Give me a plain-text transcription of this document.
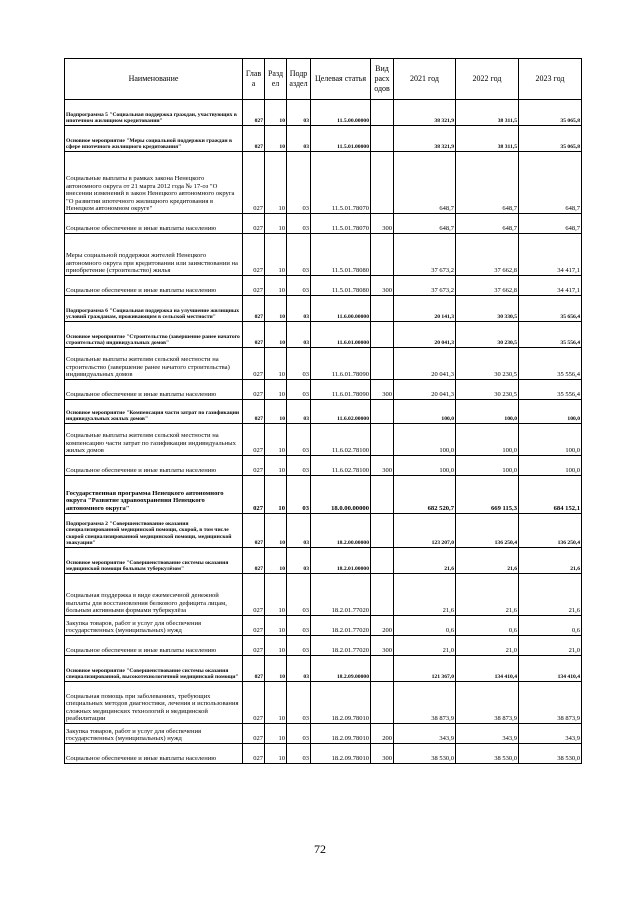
Наименование	Глав а	Разд ел	Подр аздел	Целевая статья	Вид расх одов	2021 год	2022 год	2023 год
Подпрограмма 5 "Социальная поддержка граждан, участвующих в ипотечном жилищном кредитовании"	027	10	03	11.5.00.00000		38 321,9	38 311,5	35 065,8
Основное мероприятие "Меры социальной поддержки граждан в сфере ипотечного жилищного кредитования"	027	10	03	11.5.01.00000		38 321,9	38 311,5	35 065,8
Социальные выплаты в рамках закона Ненецкого автономного округа от 21 марта 2012 года № 17-оз "О внесении изменений в закон Ненецкого автономного округа "О развитии ипотечного жилищного кредитования в Ненецком автономном округе"	027	10	03	11.5.01.78070		648,7	648,7	648,7
Социальное обеспечение и иные выплаты населению	027	10	03	11.5.01.78070	300	648,7	648,7	648,7
Меры социальной поддержки жителей Ненецкого автономного округа при кредитовании или заимствовании на приобретение (строительство) жилья	027	10	03	11.5.01.78080		37 673,2	37 662,8	34 417,1
Социальное обеспечение и иные выплаты населению	027	10	03	11.5.01.78080	300	37 673,2	37 662,8	34 417,1
Подпрограмма 6 "Социальная поддержка на улучшение жилищных условий гражданам, проживающим в сельской местности"	027	10	03	11.6.00.00000		20 141,3	30 330,5	35 656,4
Основное мероприятие "Строительство (завершение ранее начатого строительства) индивидуальных домов"	027	10	03	11.6.01.00000		20 041,3	30 230,5	35 556,4
Социальные выплаты жителям сельской местности на строительство (завершение ранее начатого строительства) индивидуальных домов	027	10	03	11.6.01.78090		20 041,3	30 230,5	35 556,4
Социальное обеспечение и иные выплаты населению	027	10	03	11.6.01.78090	300	20 041,3	30 230,5	35 556,4
Основное мероприятие "Компенсация части затрат по газификации индивидуальных жилых домов"	027	10	03	11.6.02.00000		100,0	100,0	100,0
Социальные выплаты жителям сельской местности на компенсацию части затрат по газификации индивидуальных жилых домов	027	10	03	11.6.02.78100		100,0	100,0	100,0
Социальное обеспечение и иные выплаты населению	027	10	03	11.6.02.78100	300	100,0	100,0	100,0
Государственная программа Ненецкого автономного округа "Развитие здравоохранения Ненецкого автономного округа"	027	10	03	18.0.00.00000		682 520,7	669 115,3	684 152,1
Подпрограмма 2 "Совершенствование оказания специализированной медицинской помощи, скорой, в том числе скорой специализированной медицинской помощи, медицинской эвакуации"	027	10	03	18.2.00.00000		123 207,0	136 250,4	136 250,4
Основное мероприятие "Совершенствование системы оказания медицинской помощи больным туберкулёзом"	027	10	03	18.2.01.00000		21,6	21,6	21,6
Социальная поддержка в виде ежемесячной денежной выплаты для восстановления белкового дефицита лицам, больным активными формами туберкулёза	027	10	03	18.2.01.77020		21,6	21,6	21,6
Закупка товаров, работ и услуг для обеспечения государственных (муниципальных) нужд	027	10	03	18.2.01.77020	200	0,6	0,6	0,6
Социальное обеспечение и иные выплаты населению	027	10	03	18.2.01.77020	300	21,0	21,0	21,0
Основное мероприятие "Совершенствование системы оказания специализированной, высокотехнологичной медицинской помощи"	027	10	03	18.2.09.00000		121 367,0	134 410,4	134 410,4
Социальная помощь при заболеваниях, требующих специальных методов диагностики, лечения и использования сложных медицинских технологий и медицинской реабилитации	027	10	03	18.2.09.78010		38 873,9	38 873,9	38 873,9
Закупка товаров, работ и услуг для обеспечения государственных (муниципальных) нужд	027	10	03	18.2.09.78010	200	343,9	343,9	343,9
Социальное обеспечение и иные выплаты населению	027	10	03	18.2.09.78010	300	38 530,0	38 530,0	38 530,0
72
